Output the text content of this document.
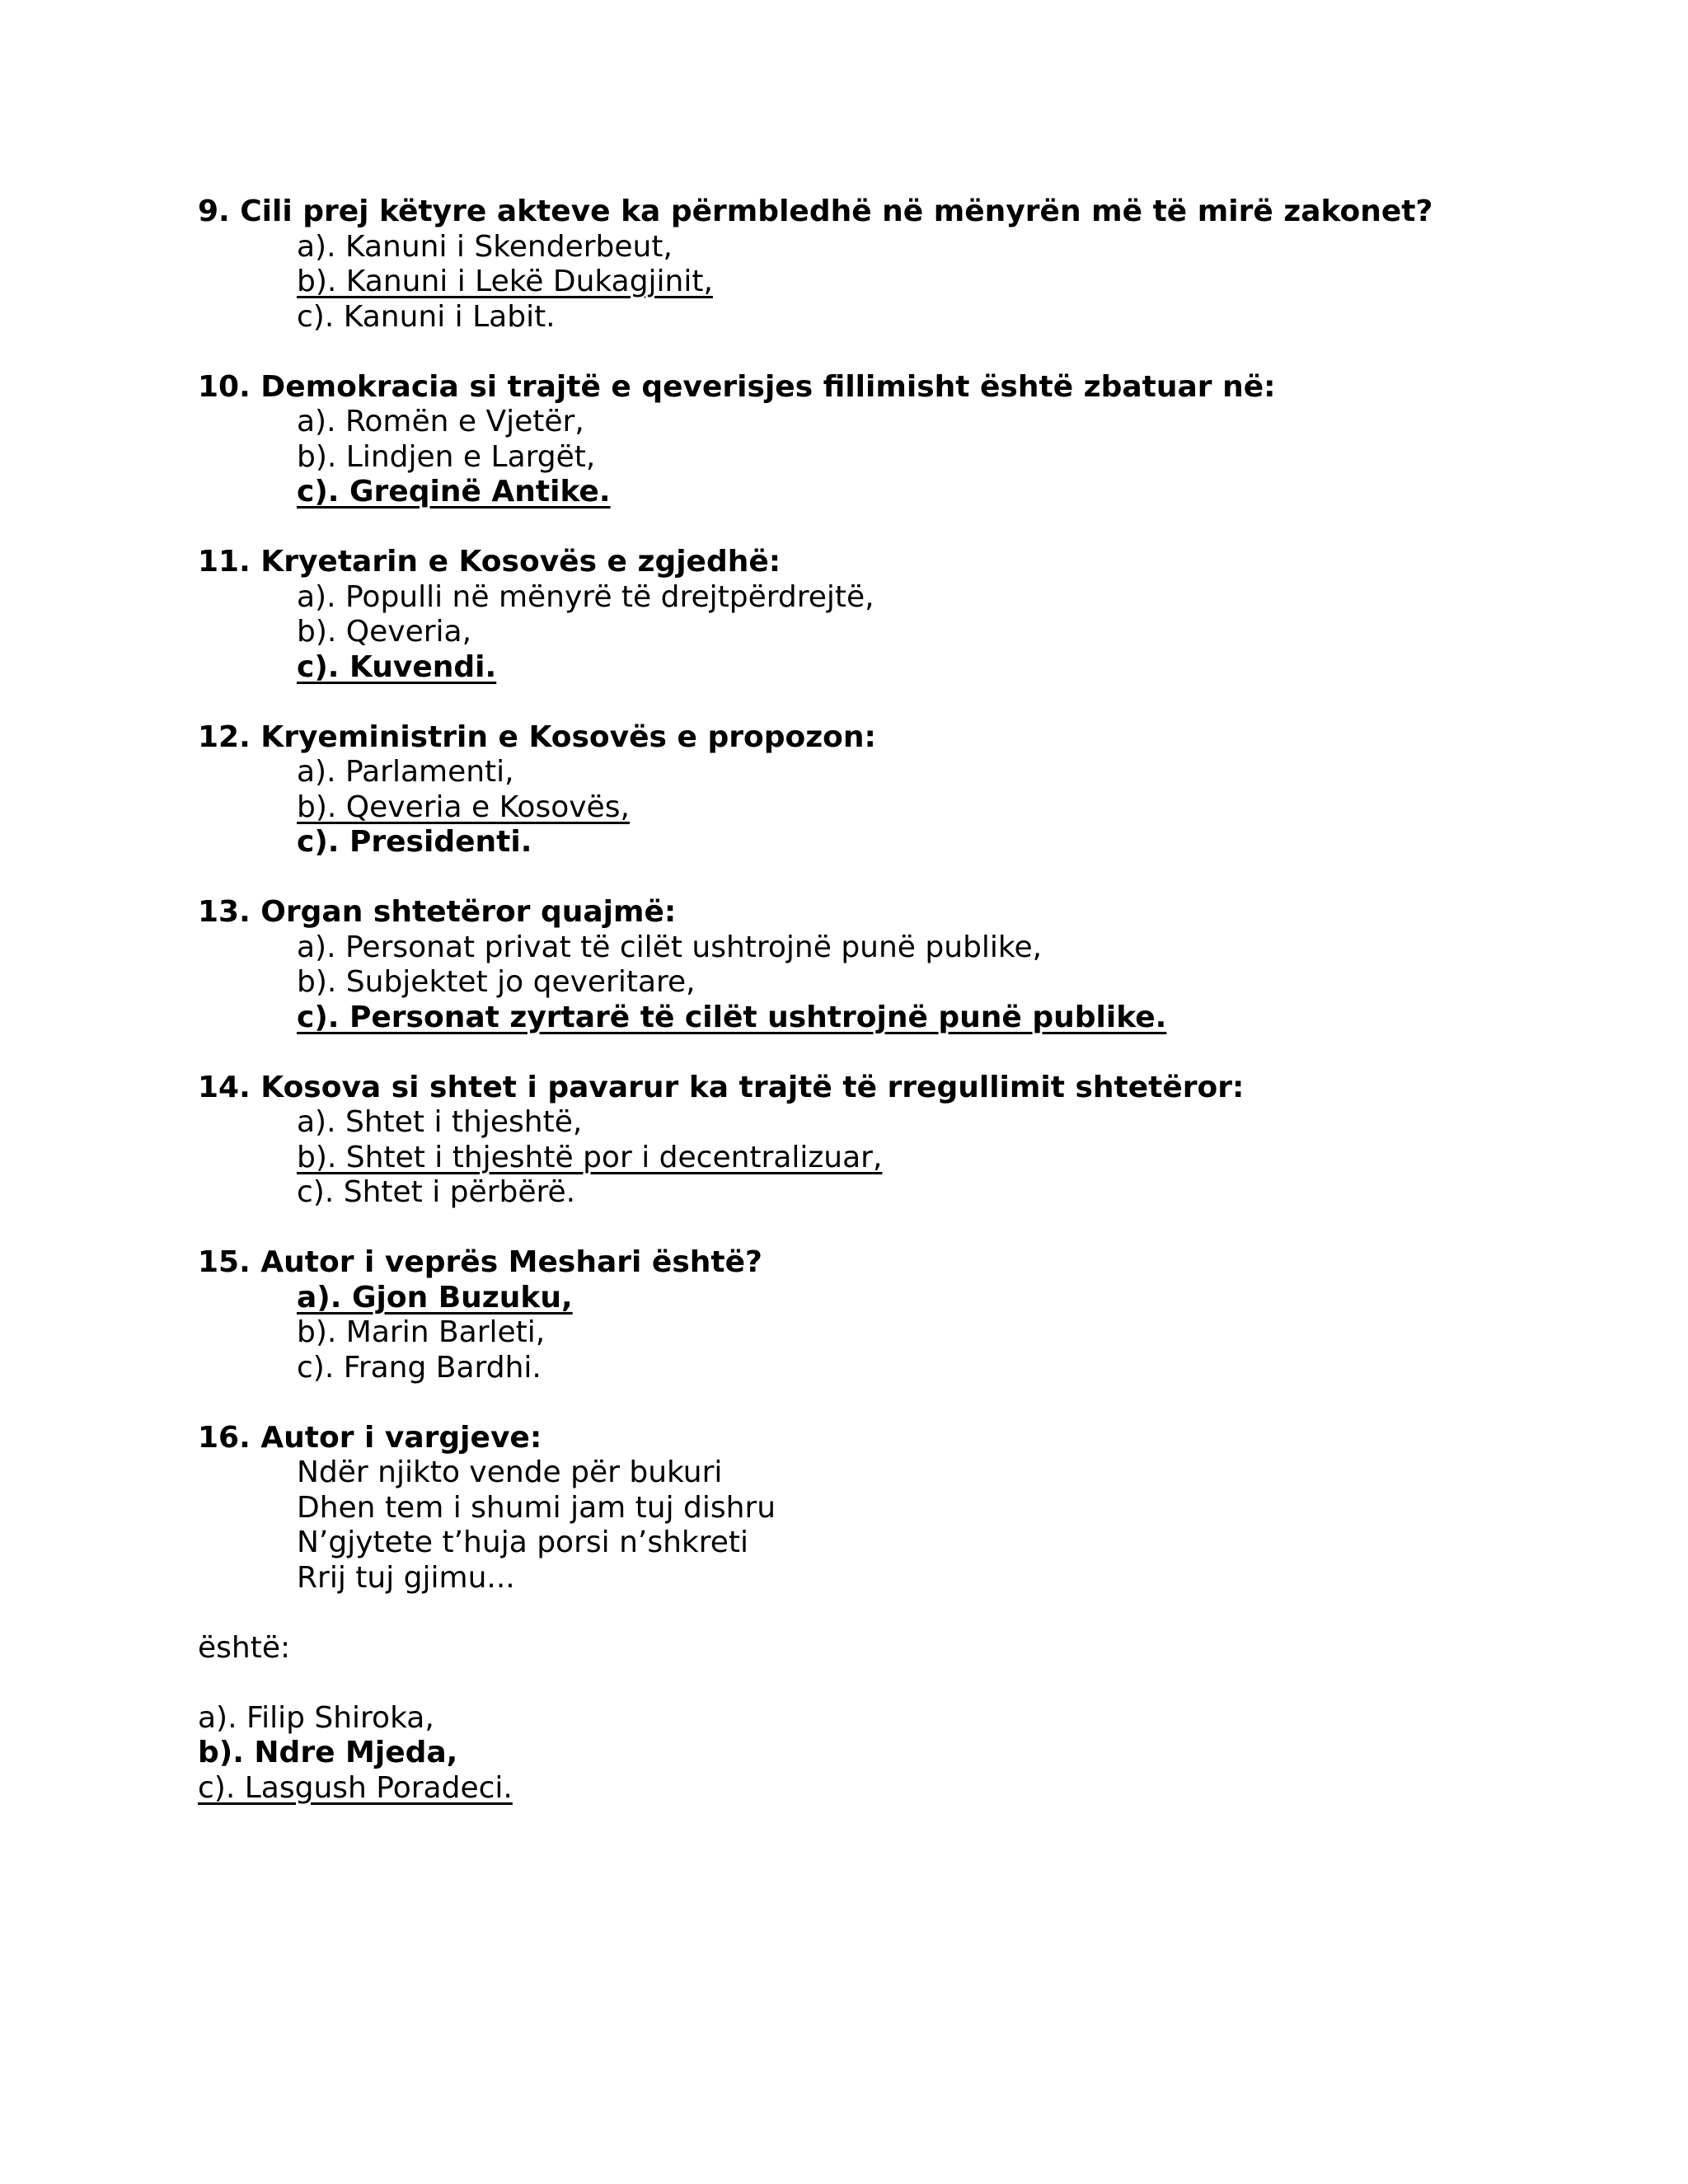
9. Cili prej këtyre akteve ka përmbledhë në mënyrën më të mirë zakonet?
a). Kanuni i Skenderbeut,
b). Kanuni i Lekë Dukagjinit,
c). Kanuni i Labit.
10. Demokracia si trajtë e qeverisjes fillimisht është zbatuar në:
a). Romën e Vjetër,
b). Lindjen e Largët,
c). Greqinë Antike.
11. Kryetarin e Kosovës e zgjedhë:
a). Populli në mënyrë të drejtpërdrejtë,
b). Qeveria,
c). Kuvendi.
12. Kryeministrin e Kosovës e propozon:
a). Parlamenti,
b). Qeveria e Kosovës,
c). Presidenti.
13. Organ shtetëror quajmë:
a). Personat privat të cilët ushtrojnë punë publike,
b). Subjektet jo qeveritare,
c). Personat zyrtarë të cilët ushtrojnë punë publike.
14. Kosova si shtet i pavarur ka trajtë të rregullimit shtetëror:
a). Shtet i thjeshtë,
b). Shtet i thjeshtë por i decentralizuar,
c). Shtet i përbërë.
15. Autor i veprës Meshari është?
a). Gjon Buzuku,
b). Marin Barleti,
c). Frang Bardhi.
16. Autor i vargjeve:
Ndër njikto vende për bukuri
Dhen tem i shumi jam tuj dishru
N’gjytete t’huja porsi n’shkreti
Rrij tuj gjimu...
është:
a). Filip Shiroka,
b). Ndre Mjeda,
c). Lasgush Poradeci.
